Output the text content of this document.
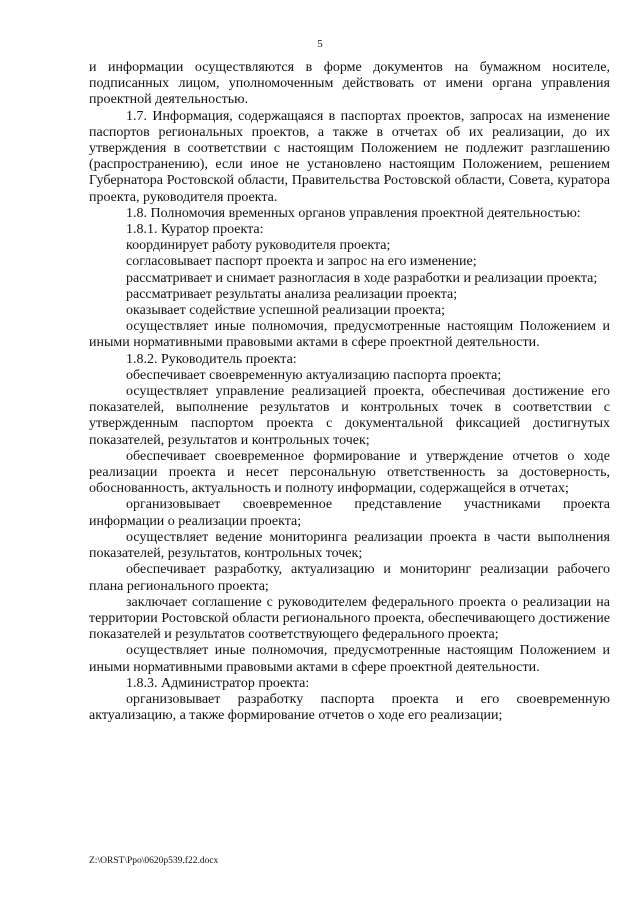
5

и информации осуществляются в форме документов на бумажном носителе, подписанных лицом, уполномоченным действовать от имени органа управления проектной деятельностью.

1.7. Информация, содержащаяся в паспортах проектов, запросах на изменение паспортов региональных проектов, а также в отчетах об их реализации, до их утверждения в соответствии с настоящим Положением не подлежит разглашению (распространению), если иное не установлено настоящим Положением, решением Губернатора Ростовской области, Правительства Ростовской области, Совета, куратора проекта, руководителя проекта.

1.8. Полномочия временных органов управления проектной деятельностью:

1.8.1. Куратор проекта:

координирует работу руководителя проекта;

согласовывает паспорт проекта и запрос на его изменение;

рассматривает и снимает разногласия в ходе разработки и реализации проекта;

рассматривает результаты анализа реализации проекта;

оказывает содействие успешной реализации проекта;

осуществляет иные полномочия, предусмотренные настоящим Положением и иными нормативными правовыми актами в сфере проектной деятельности.

1.8.2. Руководитель проекта:

обеспечивает своевременную актуализацию паспорта проекта;

осуществляет управление реализацией проекта, обеспечивая достижение его показателей, выполнение результатов и контрольных точек в соответствии с утвержденным паспортом проекта с документальной фиксацией достигнутых показателей, результатов и контрольных точек;

обеспечивает своевременное формирование и утверждение отчетов о ходе реализации проекта и несет персональную ответственность за достоверность, обоснованность, актуальность и полноту информации, содержащейся в отчетах;

организовывает своевременное представление участниками проекта информации о реализации проекта;

осуществляет ведение мониторинга реализации проекта в части выполнения показателей, результатов, контрольных точек;

обеспечивает разработку, актуализацию и мониторинг реализации рабочего плана регионального проекта;

заключает соглашение с руководителем федерального проекта о реализации на территории Ростовской области регионального проекта, обеспечивающего достижение показателей и результатов соответствующего федерального проекта;

осуществляет иные полномочия, предусмотренные настоящим Положением и иными нормативными правовыми актами в сфере проектной деятельности.

1.8.3. Администратор проекта:

организовывает разработку паспорта проекта и его своевременную актуализацию, а также формирование отчетов о ходе его реализации;

Z:\ORST\Ppo\0620p539.f22.docx
